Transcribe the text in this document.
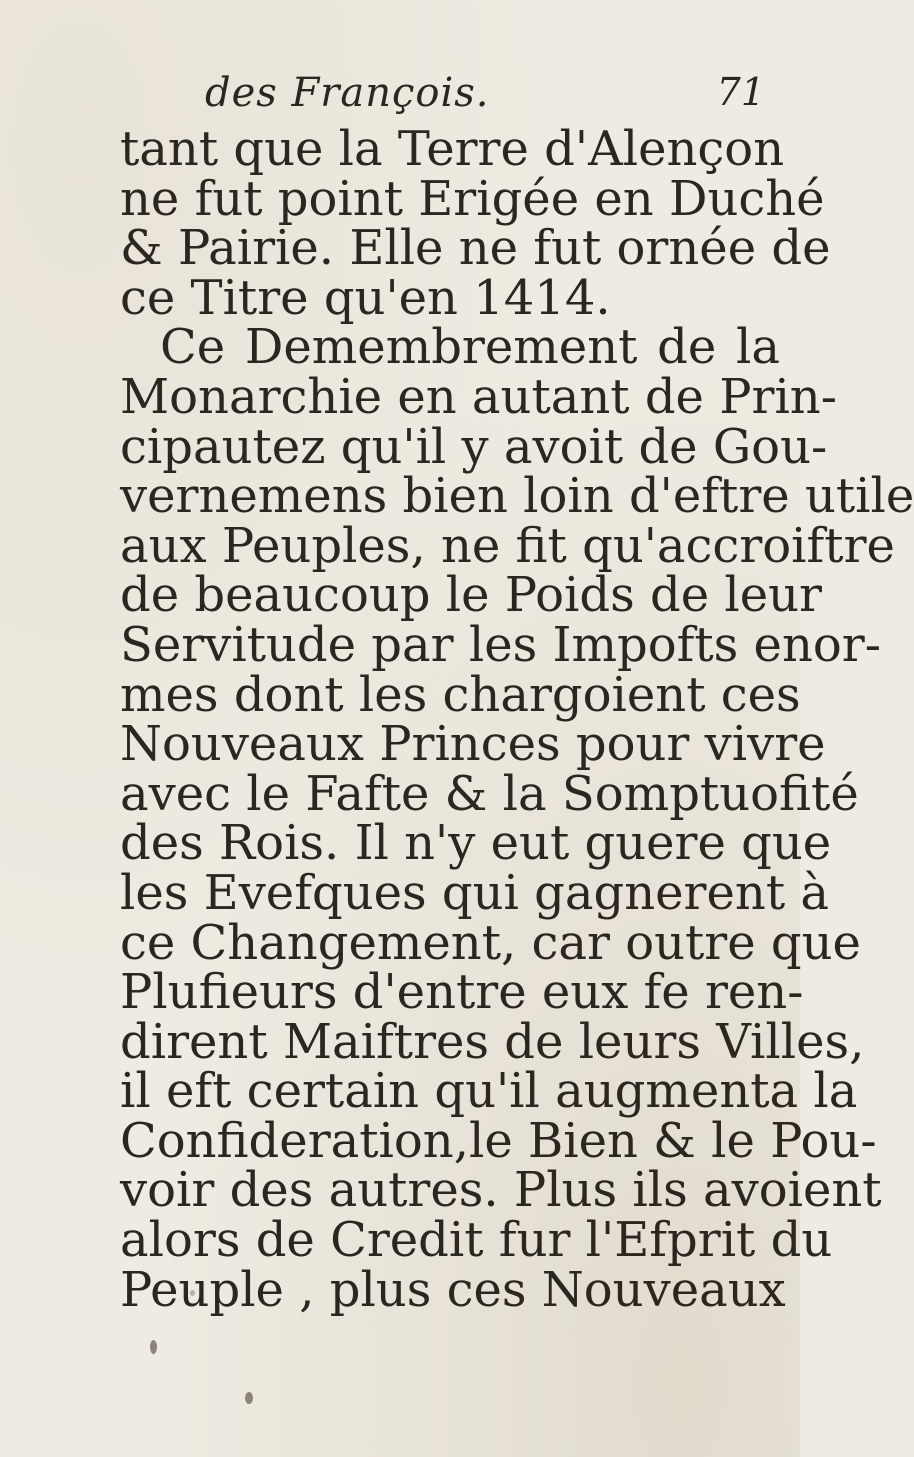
des François.	71
tant que la Terre d'Alençon
ne fut point Erigée en Duché
& Pairie. Elle ne fut ornée de
ce Titre qu'en 1414.
Ce Demembrement de la
Monarchie en autant de Prin-
cipautez qu'il y avoit de Gou-
vernemens bien loin d'eftre utile
aux Peuples, ne fit qu'accroiftre
de beaucoup le Poids de leur
Servitude par les Impofts enor-
mes dont les chargoient ces
Nouveaux Princes pour vivre
avec le Fafte & la Somptuofité
des Rois. Il n'y eut guere que
les Evefques qui gagnerent à
ce Changement, car outre que
Plufieurs d'entre eux fe ren-
dirent Maiftres de leurs Villes,
il eft certain qu'il augmenta la
Confideration,le Bien & le Pou-
voir des autres. Plus ils avoient
alors de Credit fur l'Efprit du
Peuple , plus ces Nouveaux
